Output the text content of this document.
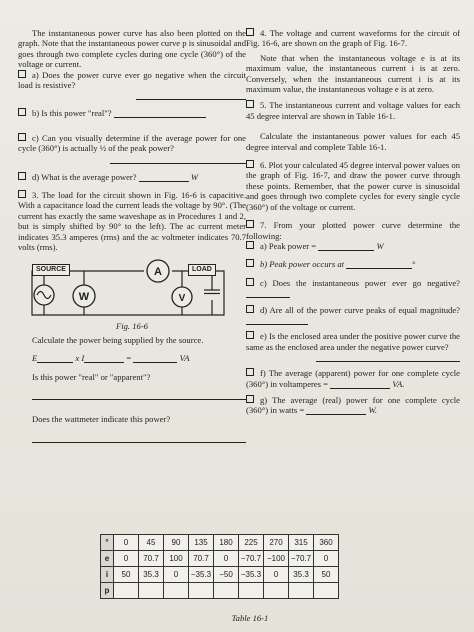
The instantaneous power curve has also been plotted on the graph. Note that the instantaneous power curve p is sinusoidal and goes through two complete cycles during one cycle (360°) of the voltage or current.

a) Does the power curve ever go negative when the circuit load is resistive?

b) Is this power "real"?

c) Can you visually determine if the average power for one cycle (360°) is actually ½ of the peak power?

d) What is the average power?	W

3. The load for the circuit shown in Fig. 16-6 is capacitive. With a capacitance load the current leads the voltage by 90°. (The current has exactly the same waveshape as in Procedures 1 and 2, but is simply shifted by 90° to the left). The ac current meter indicates 35.3 amperes (rms) and the ac voltmeter indicates 70.7 volts (rms).

A
W	V
SOURCE	LOAD

Fig. 16-6

Calculate the power being supplied by the source.

E	x I	=	VA

Is this power "real" or "apparent"?

Does the wattmeter indicate this power?

4. The voltage and current waveforms for the circuit of Fig. 16-6, are shown on the graph of Fig. 16-7.

Note that when the instantaneous voltage e is at its maximum value, the instantaneous current i is at zero. Conversely, when the instantaneous current i is at its maximum value, the instantaneous voltage e is at zero.

5. The instantaneous current and voltage values for each 45 degree interval are shown in Table 16-1.

Calculate the instantaneous power values for each 45 degree interval and complete Table 16-1.

6. Plot your calculated 45 degree interval power values on the graph of Fig. 16-7, and draw the power curve through these points. Remember, that the power curve is sinusoidal and goes through two complete cycles for every single cycle (360°) of the voltage or current.

7. From your plotted power curve determine the following:

a) Peak power =	W

b) Peak power occurs at	°

c) Does the instantaneous power ever go negative?

d) Are all of the power curve peaks of equal magnitude?

e) Is the enclosed area under the positive power curve the same as the enclosed area under the negative power curve?

f) The average (apparent) power for one complete cycle (360°) in voltamperes =	VA.

g) The average (real) power for one complete cycle (360°) in watts =	W.

°	0	45	90	135	180	225	270	315	360
e	0	70.7	100	70.7	0	−70.7	−100	−70.7	0
i	50	35.3	0	−35.3	−50	−35.3	0	35.3	50
p									
Table 16-1
